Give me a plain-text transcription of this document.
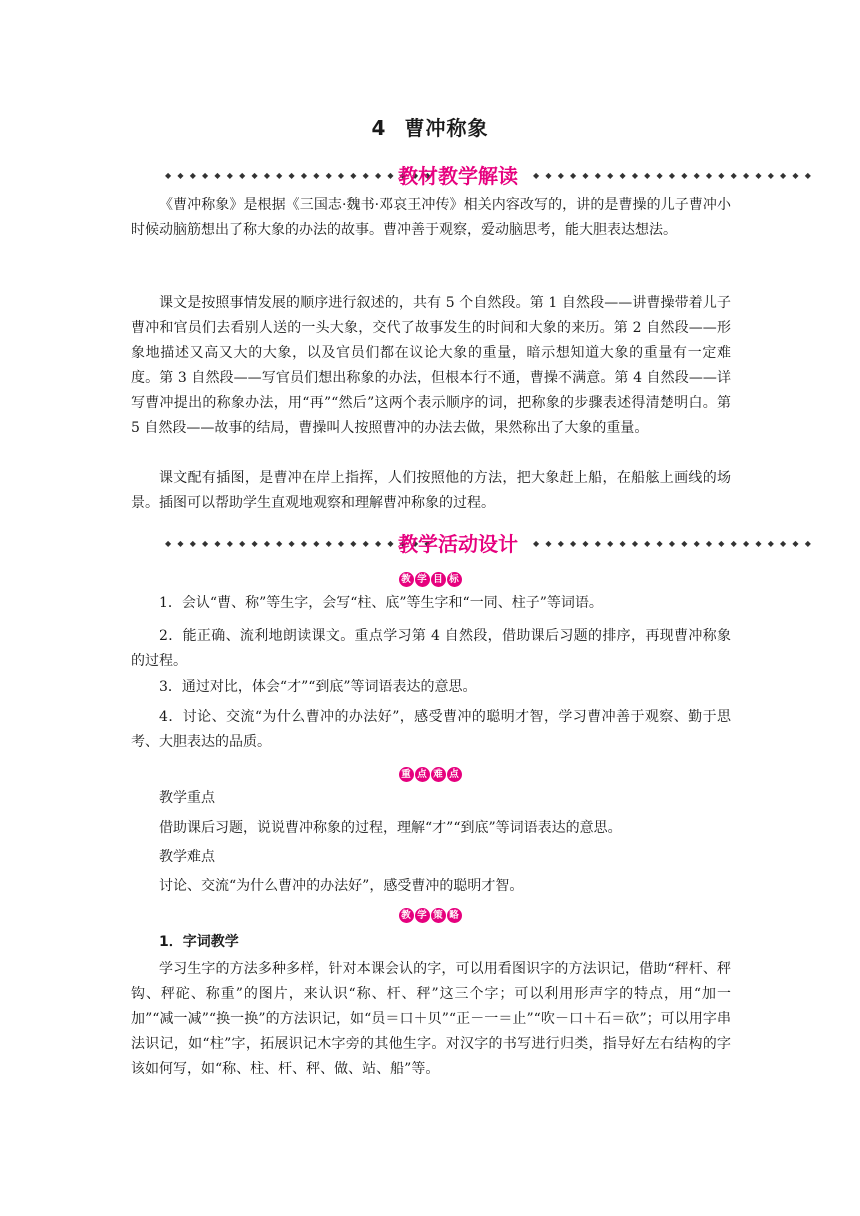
4 曹冲称象
◆◆◆◆◆◆◆◆◆◆◆◆◆◆◆◆◆◆◆◆◆◆
教材教学解读	◆◆◆◆◆◆◆◆◆◆◆◆◆◆◆◆◆◆◆◆◆◆◆

《曹冲称象》是根据《三国志·魏书·邓哀王冲传》相关内容改写的，讲的是曹操的儿子曹冲小时候动脑筋想出了称大象的办法的故事。曹冲善于观察，爱动脑思考，能大胆表达想法。

课文是按照事情发展的顺序进行叙述的，共有 5 个自然段。第 1 自然段——讲曹操带着儿子曹冲和官员们去看别人送的一头大象，交代了故事发生的时间和大象的来历。第 2 自然段——形象地描述又高又大的大象，以及官员们都在议论大象的重量，暗示想知道大象的重量有一定难度。第 3 自然段——写官员们想出称象的办法，但根本行不通，曹操不满意。第 4 自然段——详写曹冲提出的称象办法，用“再”“然后”这两个表示顺序的词，把称象的步骤表述得清楚明白。第 5 自然段——故事的结局，曹操叫人按照曹冲的办法去做，果然称出了大象的重量。

课文配有插图，是曹冲在岸上指挥，人们按照他的方法，把大象赶上船，在船舷上画线的场景。插图可以帮助学生直观地观察和理解曹冲称象的过程。

◆◆◆◆◆◆◆◆◆◆◆◆◆◆◆◆◆◆◆◆◆◆
教学活动设计	◆◆◆◆◆◆◆◆◆◆◆◆◆◆◆◆◆◆◆◆◆◆◆
教 学 目 标

1．会认“曹、称”等生字，会写“柱、底”等生字和“一同、柱子”等词语。

2．能正确、流利地朗读课文。重点学习第 4 自然段，借助课后习题的排序，再现曹冲称象的过程。

3．通过对比，体会“才”“到底”等词语表达的意思。

4．讨论、交流“为什么曹冲的办法好”，感受曹冲的聪明才智，学习曹冲善于观察、勤于思考、大胆表达的品质。

重 点 难 点

教学重点

借助课后习题，说说曹冲称象的过程，理解“才”“到底”等词语表达的意思。

教学难点

讨论、交流“为什么曹冲的办法好”，感受曹冲的聪明才智。

教 学 策 略
1．字词教学

学习生字的方法多种多样，针对本课会认的字，可以用看图识字的方法识记，借助“秤杆、秤钩、秤砣、称重”的图片，来认识“称、杆、秤”这三个字；可以利用形声字的特点，用“加一加”“减一减”“换一换”的方法识记，如“员＝口＋贝”“正－一＝止”“吹－口＋石＝砍”；可以用字串法识记，如“柱”字，拓展识记木字旁的其他生字。对汉字的书写进行归类，指导好左右结构的字该如何写，如“称、柱、杆、秤、做、站、船”等。
